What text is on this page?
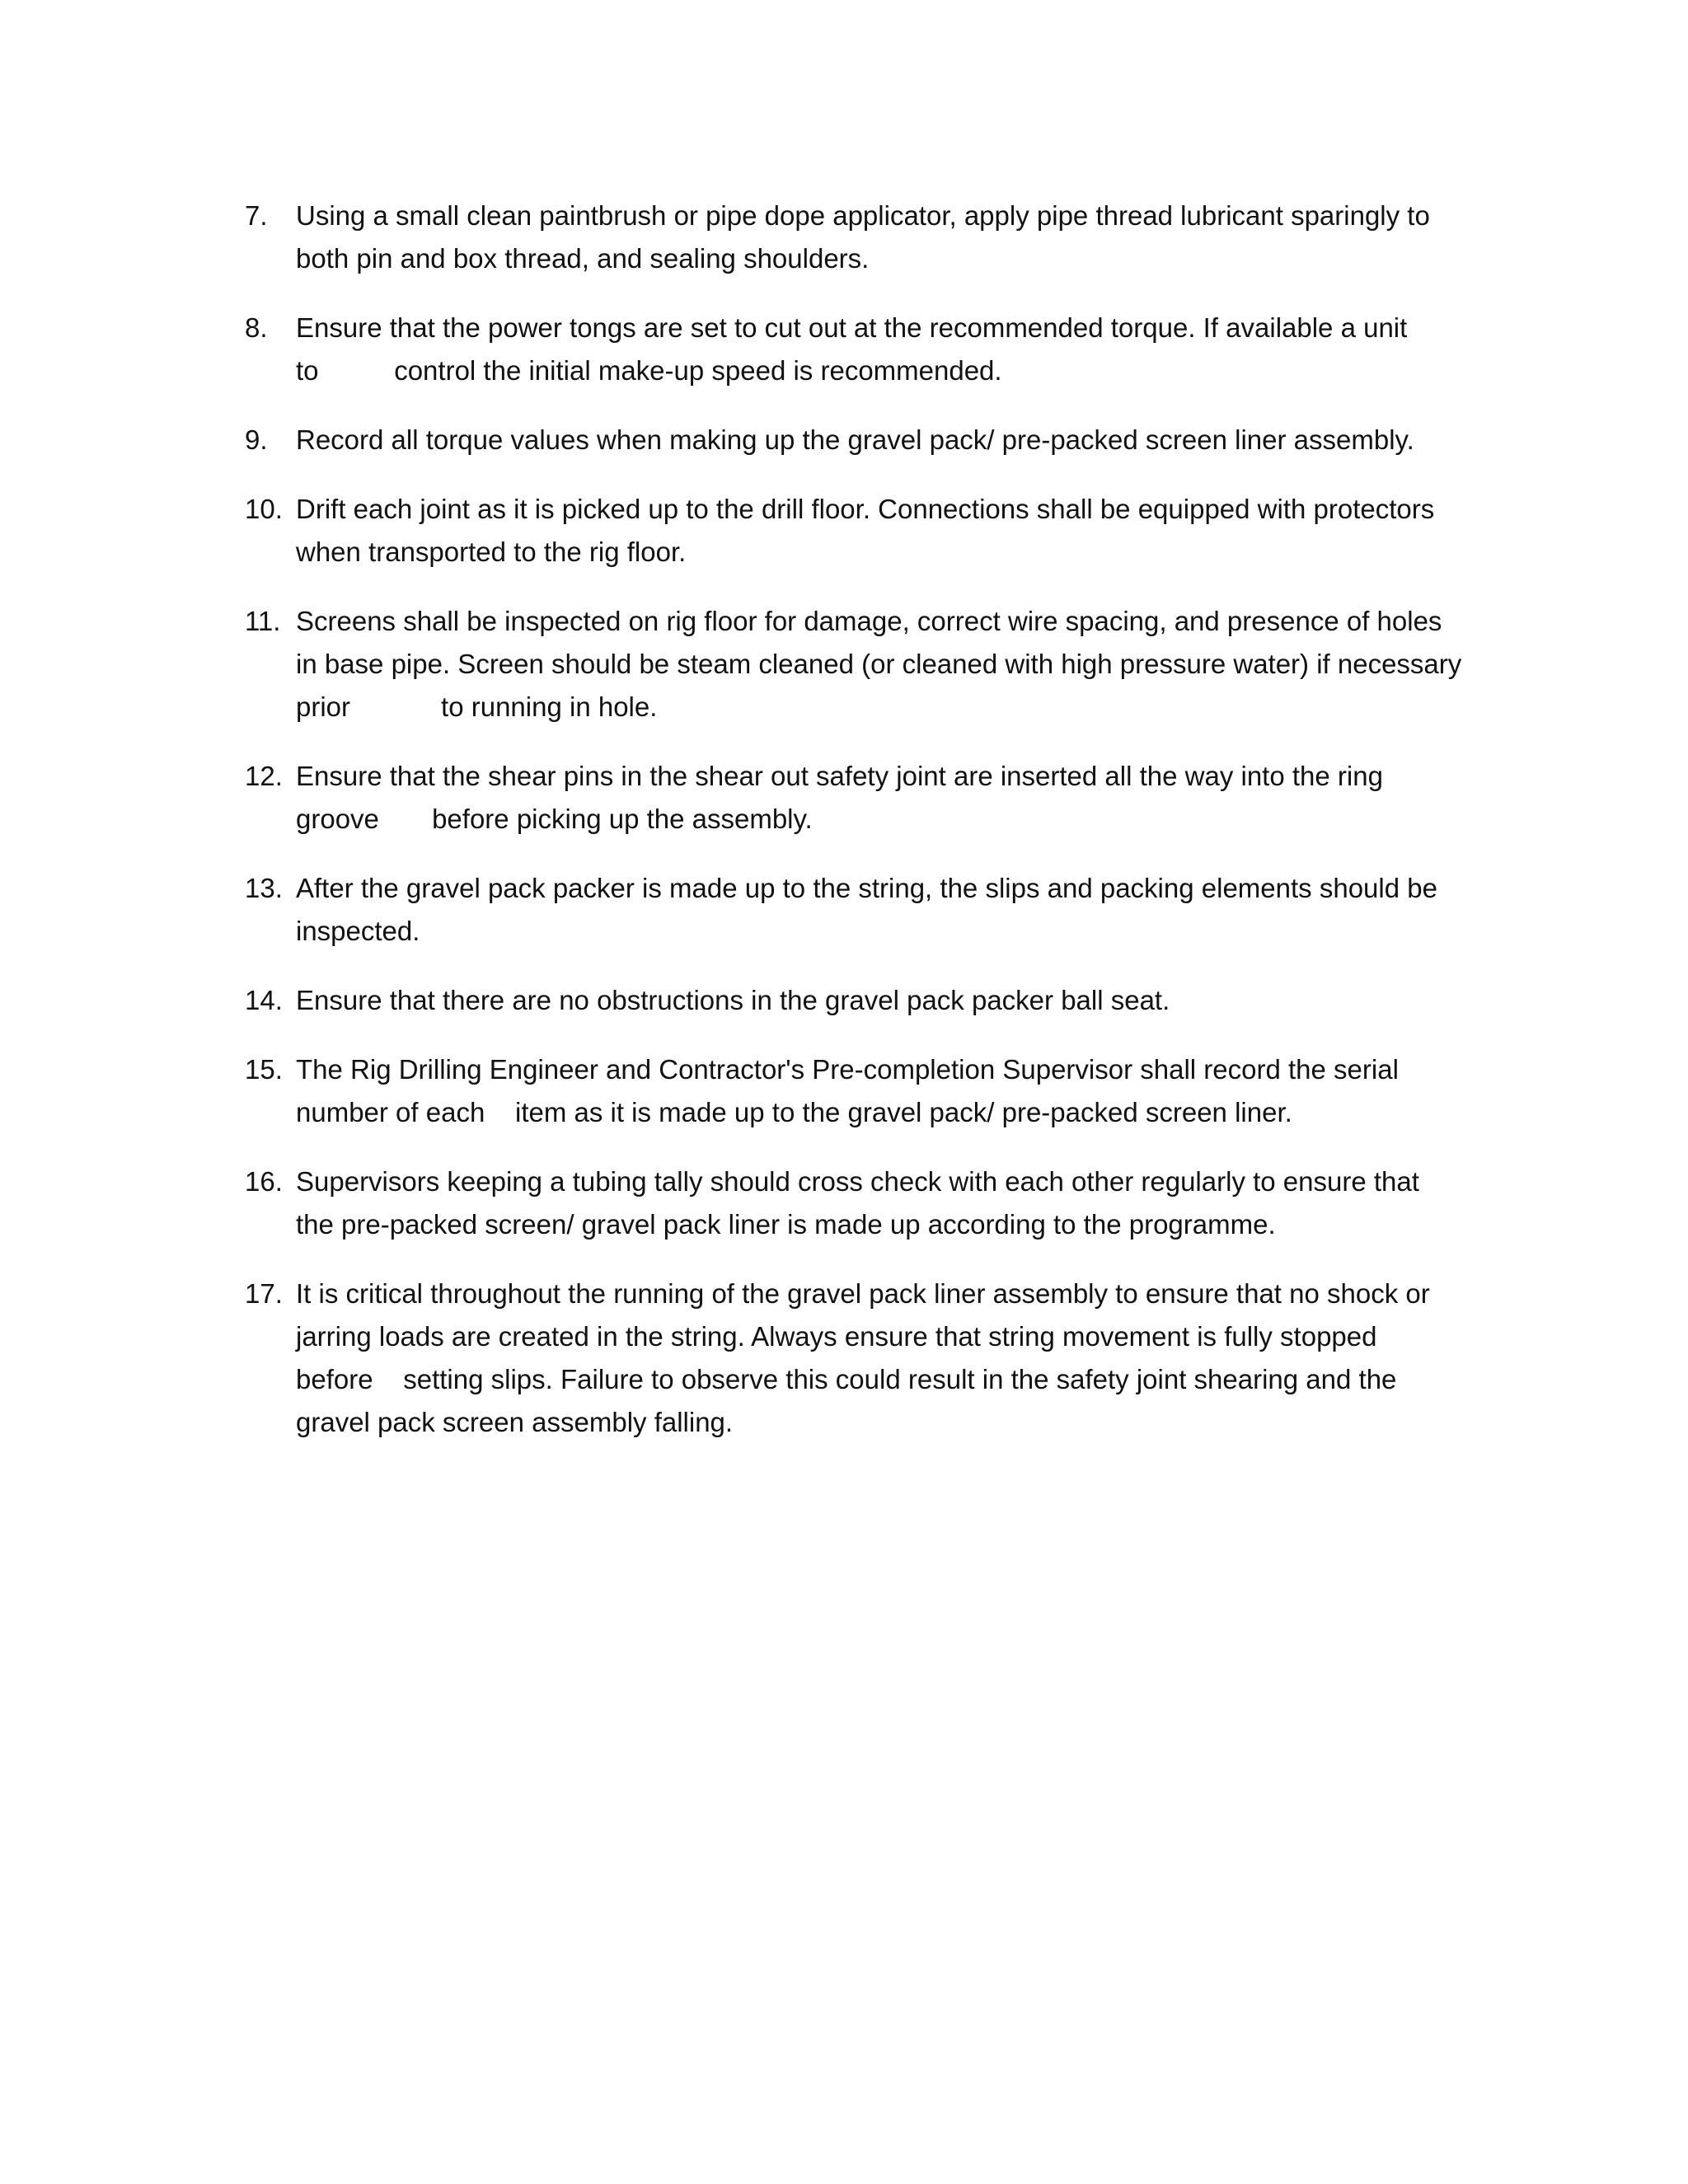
7.	Using a small clean paintbrush or pipe dope applicator, apply pipe thread lubricant sparingly to
both pin and box thread, and sealing shoulders.
8.	Ensure that the power tongs are set to cut out at the recommended torque. If available a unit
to          control the initial make-up speed is recommended.
9.	Record all torque values when making up the gravel pack/ pre-packed screen liner assembly.
10. Drift each joint as it is picked up to the drill floor. Connections shall be equipped with protectors
when transported to the rig floor.
11. Screens shall be inspected on rig floor for damage, correct wire spacing, and presence of holes
in base pipe. Screen should be steam cleaned (or cleaned with high pressure water) if necessary
prior            to running in hole.
12. Ensure that the shear pins in the shear out safety joint are inserted all the way into the ring
groove       before picking up the assembly.
13. After the gravel pack packer is made up to the string, the slips and packing elements should be
inspected.
14. Ensure that there are no obstructions in the gravel pack packer ball seat.
15. The Rig Drilling Engineer and Contractor's Pre-completion Supervisor shall record the serial
number of each    item as it is made up to the gravel pack/ pre-packed screen liner.
16. Supervisors keeping a tubing tally should cross check with each other regularly to ensure that
the pre-packed screen/ gravel pack liner is made up according to the programme.
17. It is critical throughout the running of the gravel pack liner assembly to ensure that no shock or
jarring loads are created in the string. Always ensure that string movement is fully stopped
before    setting slips. Failure to observe this could result in the safety joint shearing and the
gravel pack screen assembly falling.
